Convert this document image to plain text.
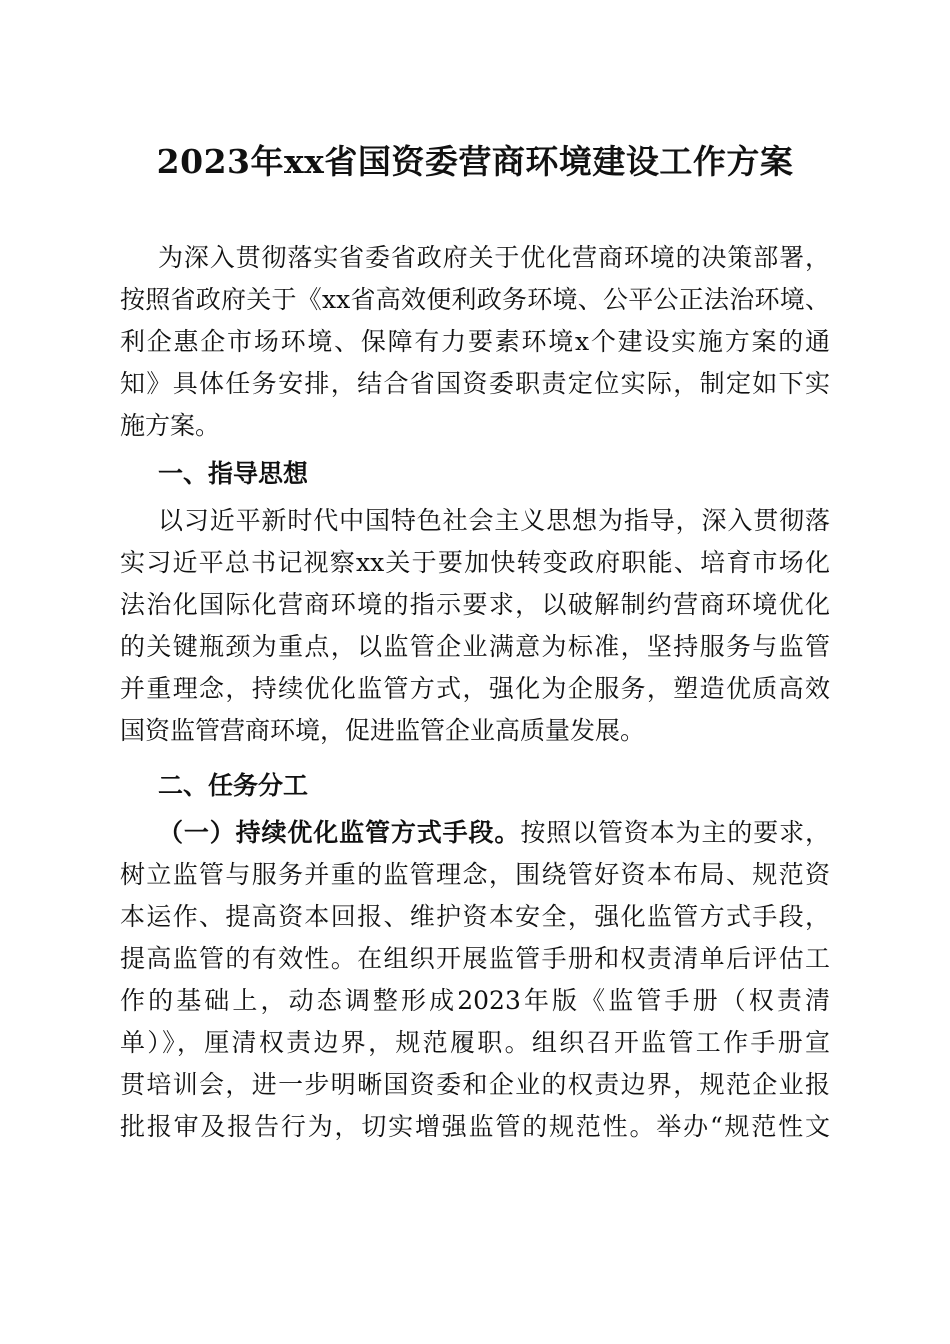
2023年xx省国资委营商环境建设工作方案

为深入贯彻落实省委省政府关于优化营商环境的决策部署，

按照省政府关于《xx省高效便利政务环境、公平公正法治环境、

利企惠企市场环境、保障有力要素环境x个建设实施方案的通

知》具体任务安排，结合省国资委职责定位实际，制定如下实

施方案。

一、指导思想

以习近平新时代中国特色社会主义思想为指导，深入贯彻落

实习近平总书记视察xx关于要加快转变政府职能、培育市场化

法治化国际化营商环境的指示要求，以破解制约营商环境优化

的关键瓶颈为重点，以监管企业满意为标准，坚持服务与监管

并重理念，持续优化监管方式，强化为企服务，塑造优质高效

国资监管营商环境，促进监管企业高质量发展。

二、任务分工

（一）持续优化监管方式手段。按照以管资本为主的要求，

树立监管与服务并重的监管理念，围绕管好资本布局、规范资

本运作、提高资本回报、维护资本安全，强化监管方式手段，

提高监管的有效性。在组织开展监管手册和权责清单后评估工

作的基础上，动态调整形成2023年版《监管手册（权责清

单）》，厘清权责边界，规范履职。组织召开监管工作手册宣

贯培训会，进一步明晰国资委和企业的权责边界，规范企业报

批报审及报告行为，切实增强监管的规范性。举办“规范性文
